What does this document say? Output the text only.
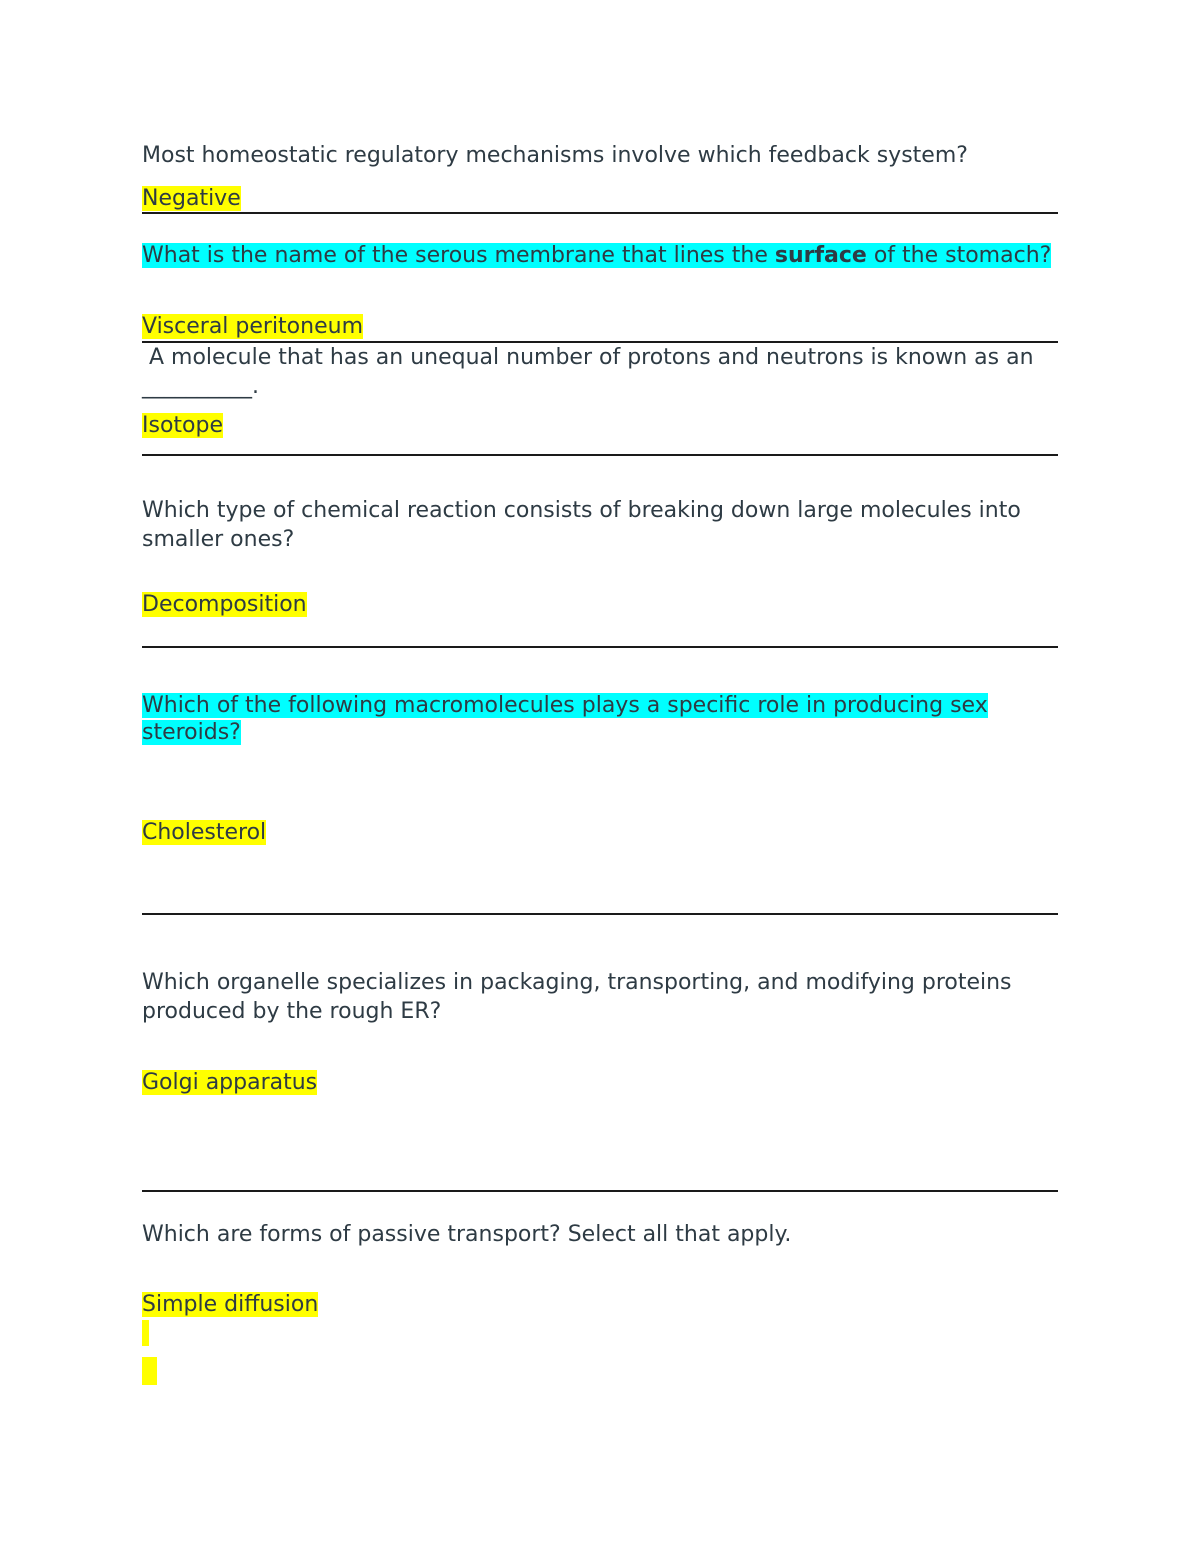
Most homeostatic regulatory mechanisms involve which feedback system?
Negative
What is the name of the serous membrane that lines the surface of the stomach?
Visceral peritoneum
A molecule that has an unequal number of protons and neutrons is known as an __________.
Isotope
Which type of chemical reaction consists of breaking down large molecules into smaller ones?
Decomposition
Which of the following macromolecules plays a specific role in producing sex steroids?
Cholesterol
Which organelle specializes in packaging, transporting, and modifying proteins produced by the rough ER?
Golgi apparatus
Which are forms of passive transport? Select all that apply.
Simple diffusion
